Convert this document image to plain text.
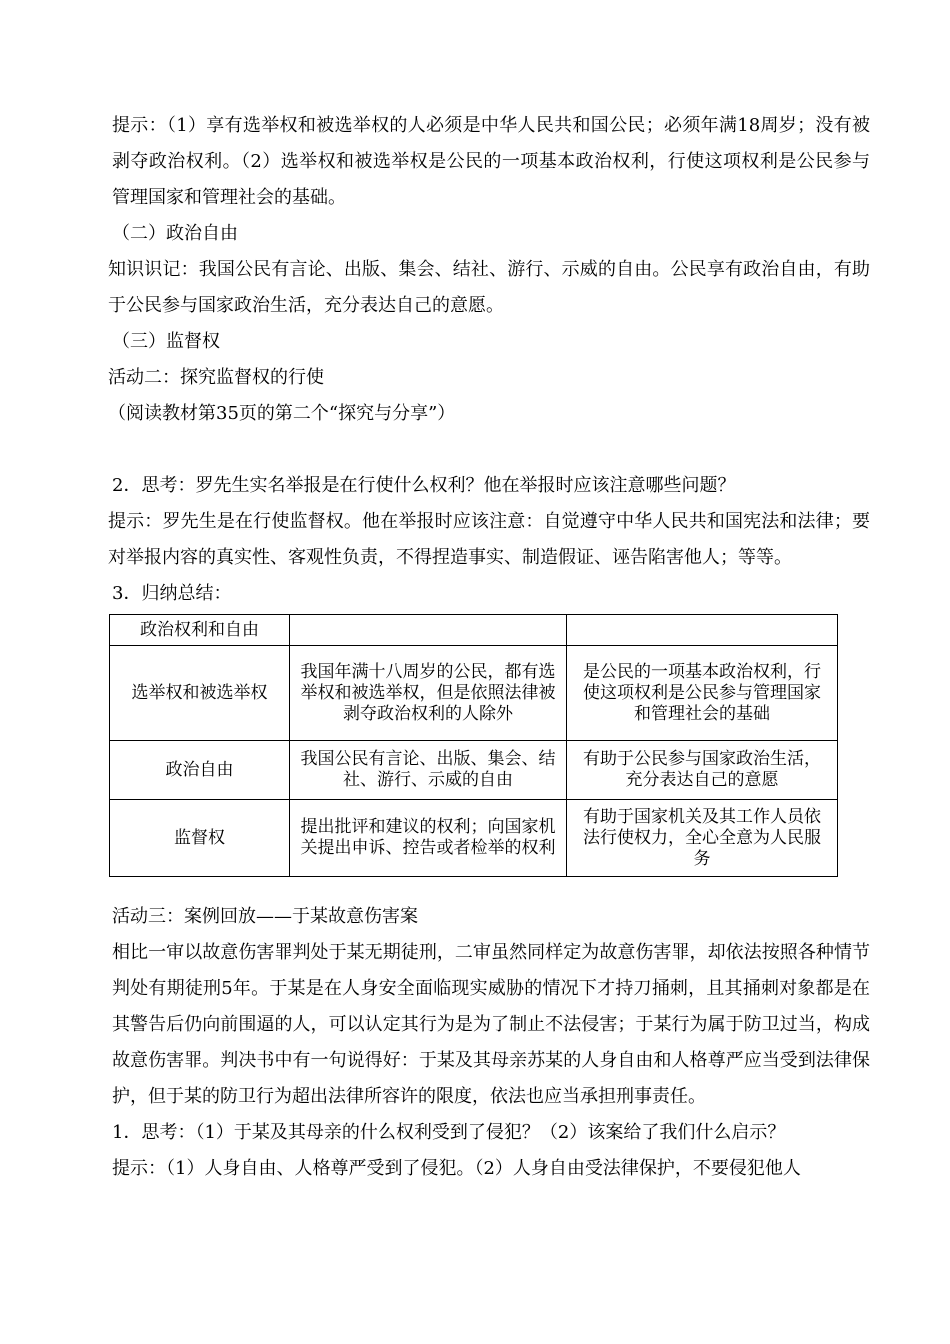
提示：（1）享有选举权和被选举权的人必须是中华人民共和国公民；必须年满18周岁；没有被剥夺政治权利。（2）选举权和被选举权是公民的一项基本政治权利，行使这项权利是公民参与管理国家和管理社会的基础。

（二）政治自由

知识识记：我国公民有言论、出版、集会、结社、游行、示威的自由。公民享有政治自由，有助于公民参与国家政治生活，充分表达自己的意愿。

（三）监督权

活动二：探究监督权的行使

（阅读教材第35页的第二个“探究与分享”）

2．思考：罗先生实名举报是在行使什么权利？他在举报时应该注意哪些问题？

提示：罗先生是在行使监督权。他在举报时应该注意：自觉遵守中华人民共和国宪法和法律；要对举报内容的真实性、客观性负责，不得捏造事实、制造假证、诬告陷害他人；等等。

3．归纳总结：

政治权利和自由		
选举权和被选举权	我国年满十八周岁的公民，都有选举权和被选举权，但是依照法律被剥夺政治权利的人除外	是公民的一项基本政治权利，行使这项权利是公民参与管理国家和管理社会的基础
政治自由	我国公民有言论、出版、集会、结社、游行、示威的自由	有助于公民参与国家政治生活，充分表达自己的意愿
监督权	提出批评和建议的权利；向国家机关提出申诉、控告或者检举的权利	有助于国家机关及其工作人员依法行使权力，全心全意为人民服务

活动三：案例回放——于某故意伤害案

相比一审以故意伤害罪判处于某无期徒刑，二审虽然同样定为故意伤害罪，却依法按照各种情节判处有期徒刑5年。于某是在人身安全面临现实威胁的情况下才持刀捅刺，且其捅刺对象都是在其警告后仍向前围逼的人，可以认定其行为是为了制止不法侵害；于某行为属于防卫过当，构成故意伤害罪。判决书中有一句说得好：于某及其母亲苏某的人身自由和人格尊严应当受到法律保护，但于某的防卫行为超出法律所容许的限度，依法也应当承担刑事责任。

1．思考：（1）于某及其母亲的什么权利受到了侵犯？（2）该案给了我们什么启示？

提示：（1）人身自由、人格尊严受到了侵犯。（2）人身自由受法律保护，不要侵犯他人
